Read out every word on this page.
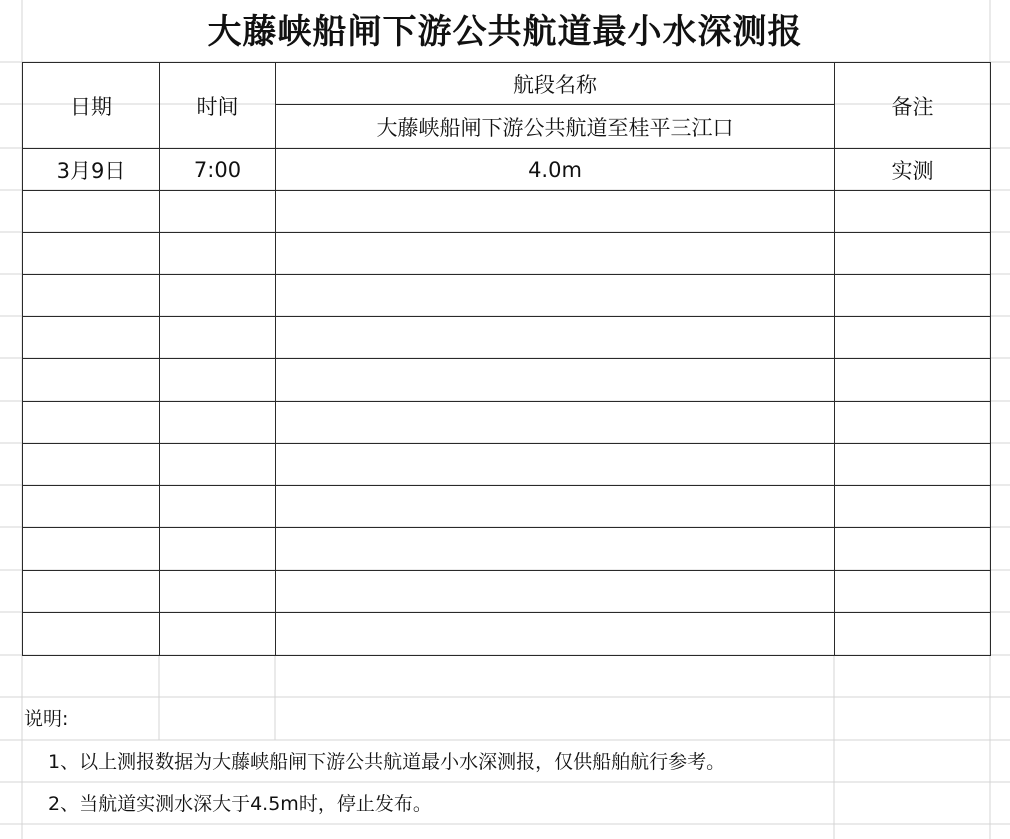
大藤峡船闸下游公共航道最小水深测报
日期	时间	航段名称	备注
		大藤峡船闸下游公共航道至桂平三江口	
3月9日	7:00	4.0m	实测

说明:
1、以上测报数据为大藤峡船闸下游公共航道最小水深测报，仅供船舶航行参考。
2、当航道实测水深大于4.5m时，停止发布。
